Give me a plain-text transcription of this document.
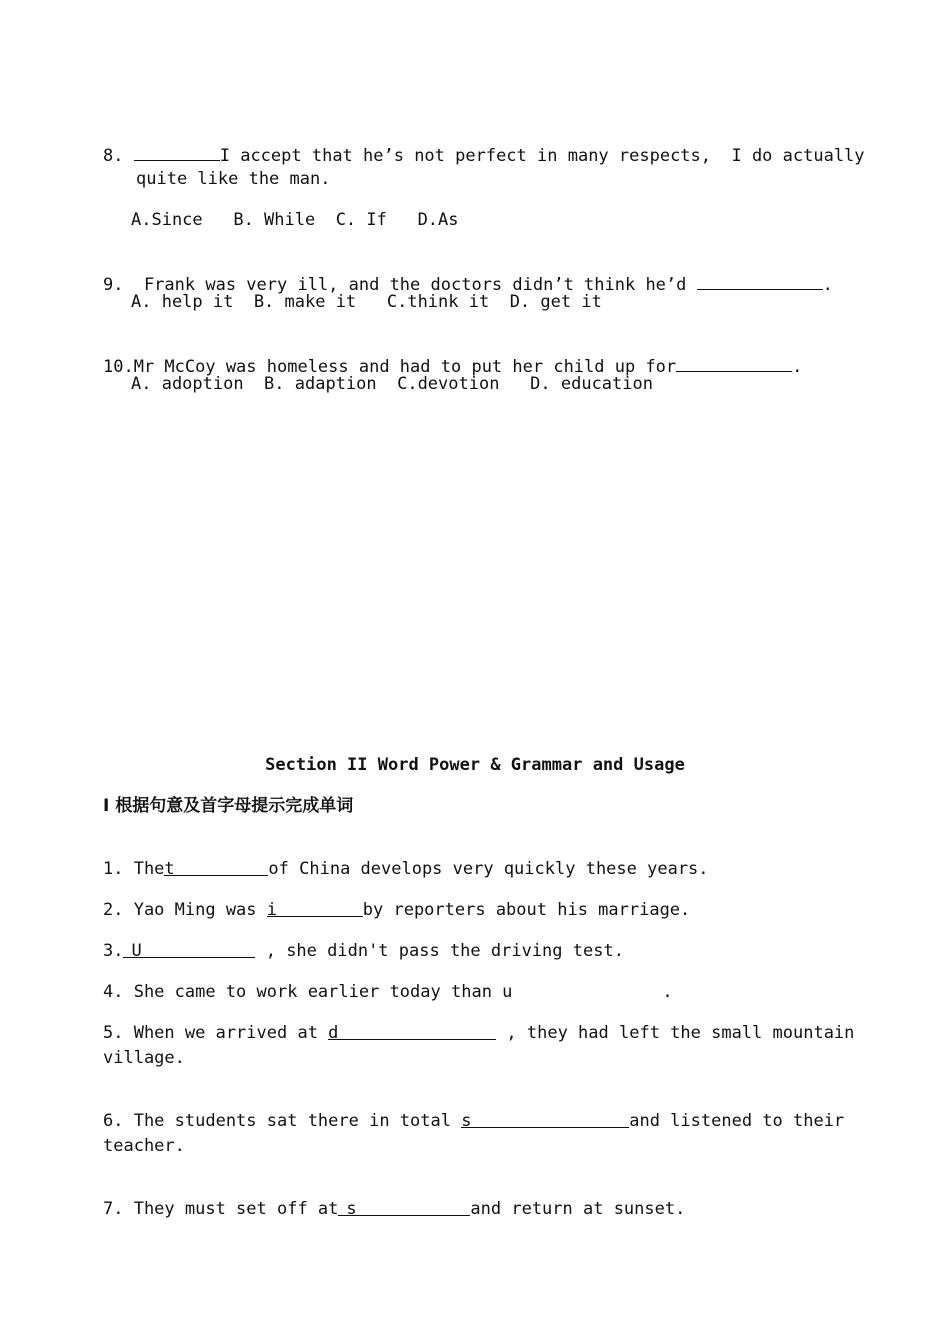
8.	I accept that he’s not perfect in many respects,  I do actually

quite like the man.
A.Since   B. While  C. If   D.As

9.  Frank was very ill, and the doctors didn’t think he’d	.

A. help it  B. make it   C.think it  D. get it

10.Mr McCoy was homeless and had to put her child up for	.

A. adoption  B. adaption  C.devotion   D. education
Section II Word Power & Grammar and Usage
I 根据句意及首字母提示完成单词

1. Thet	of China develops very quickly these years.

2. Yao Ming was i	by reporters about his marriage.

3. U	, she didn't pass the driving test.

4. She came to work earlier today than u	.

5. When we arrived at d	, they had left the small mountain

village.

6. The students sat there in total s	and listened to their

teacher.

7. They must set off at s	and return at sunset.
